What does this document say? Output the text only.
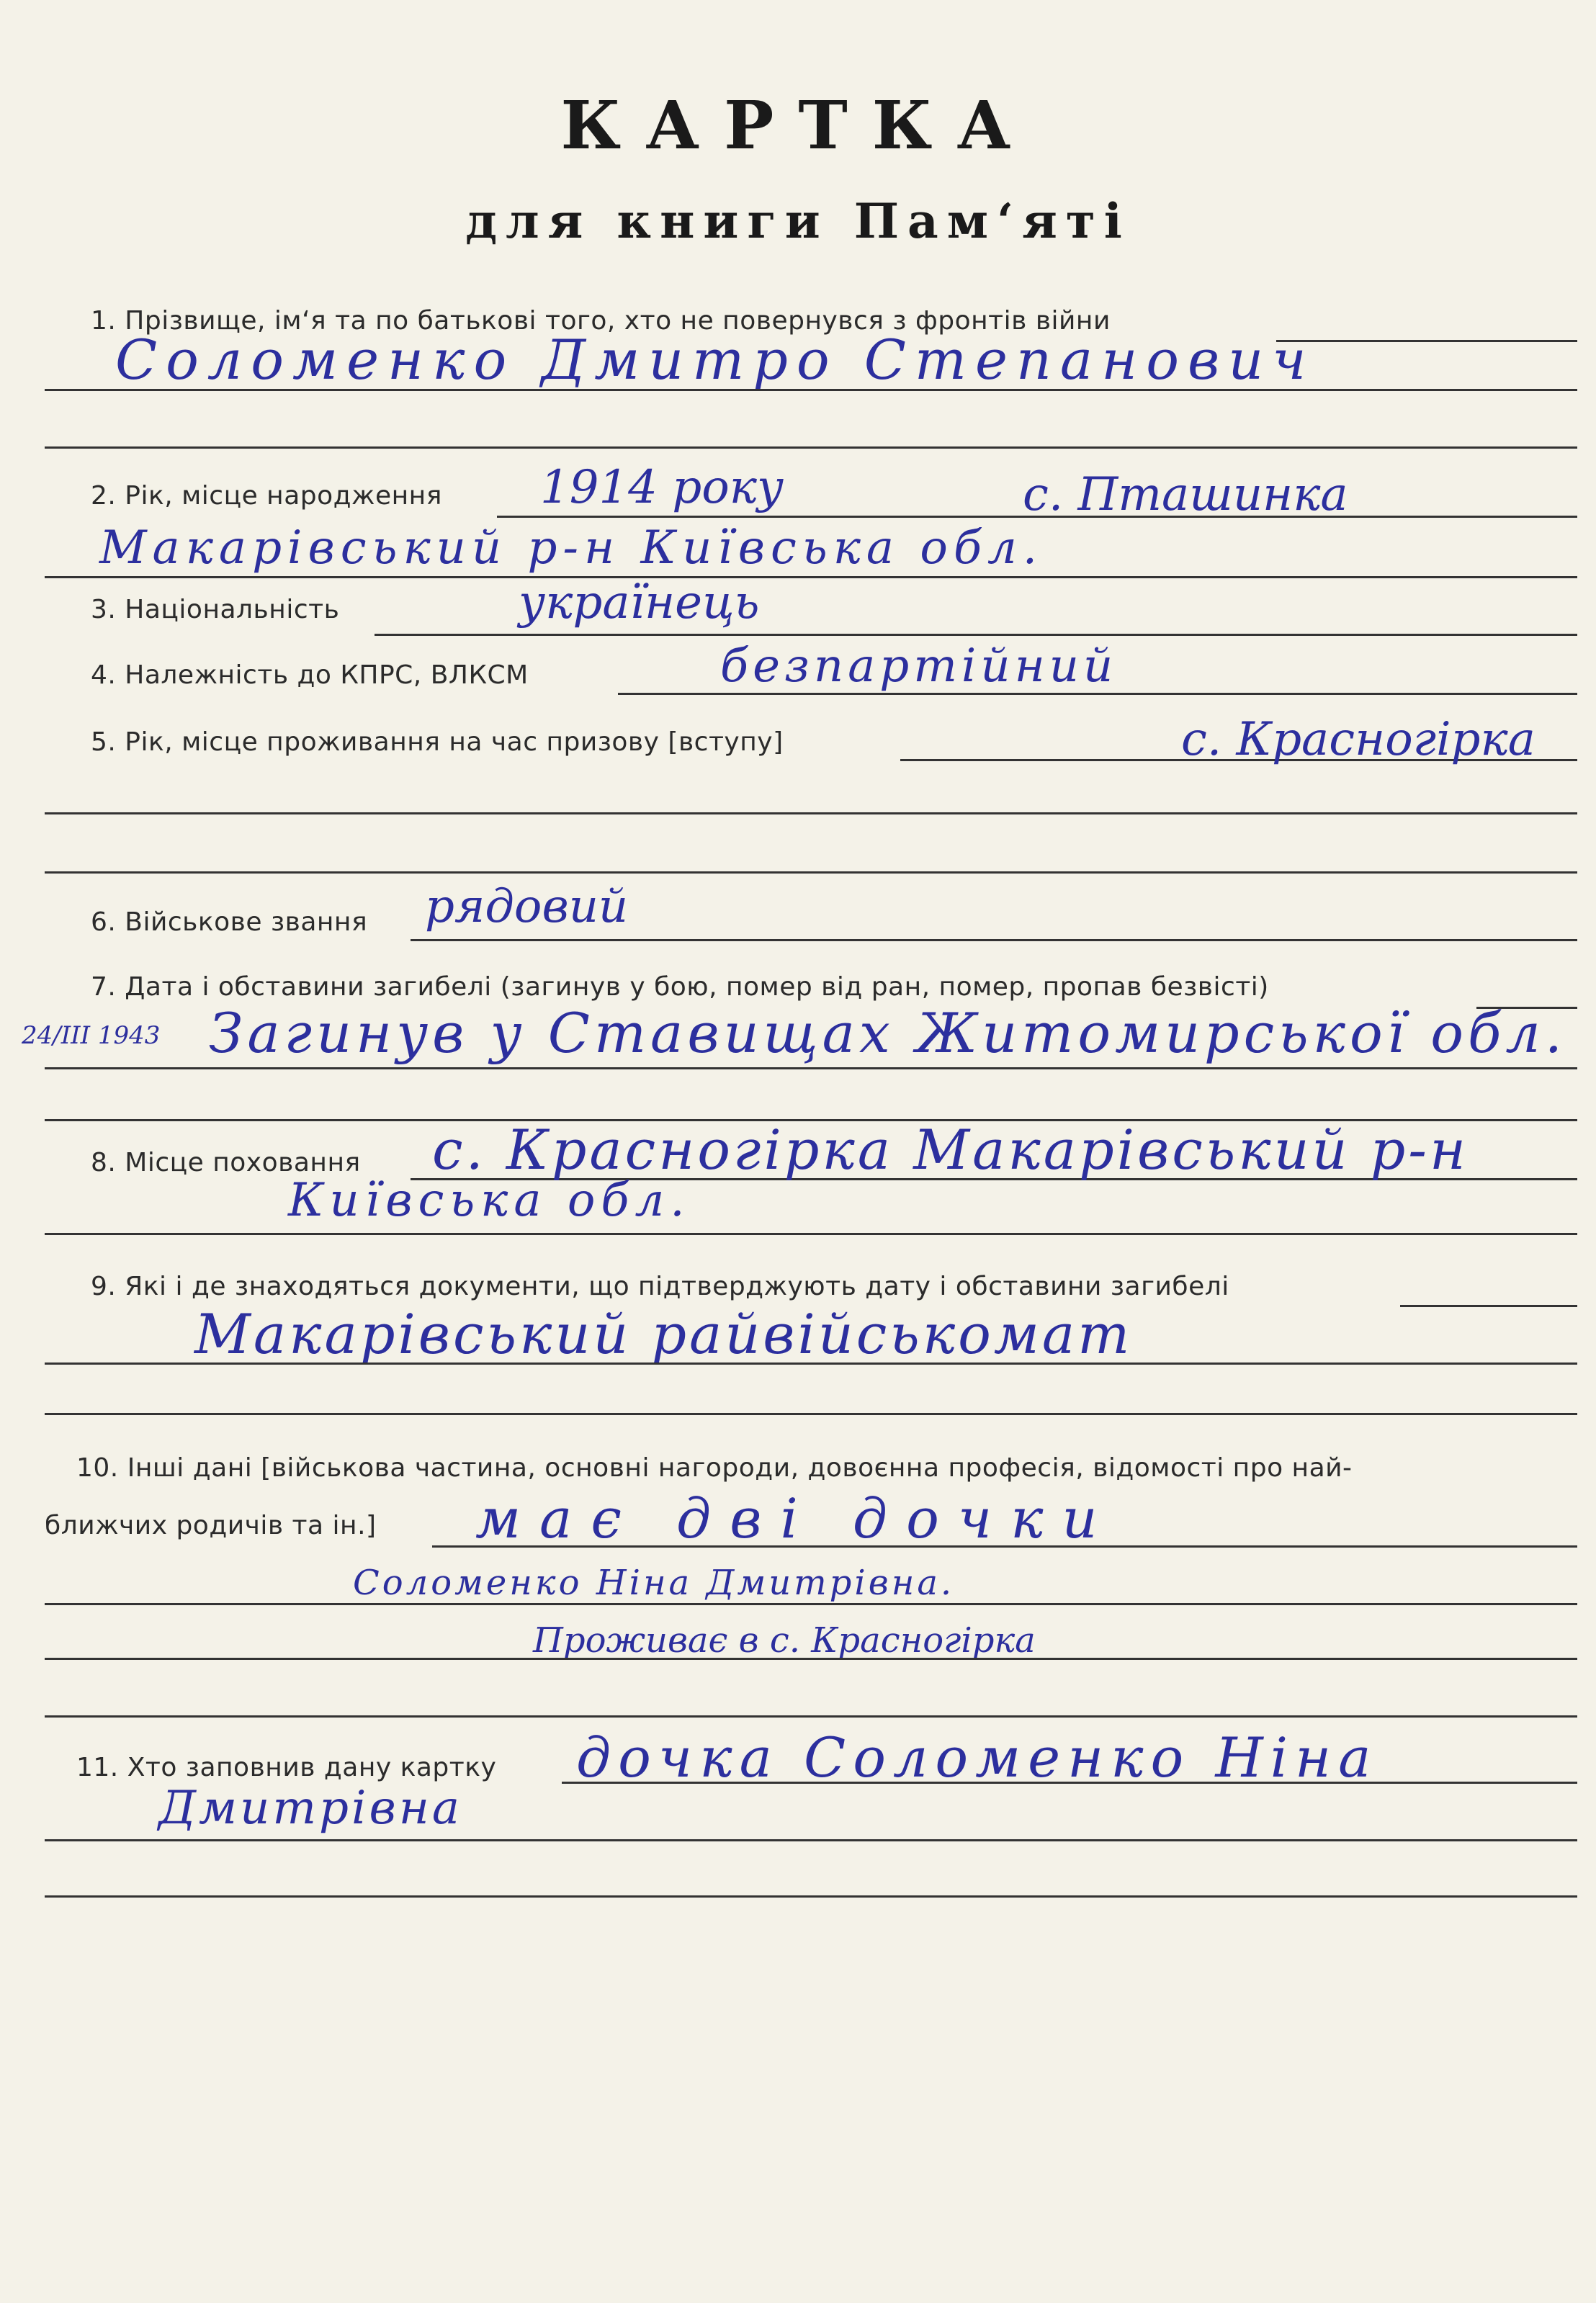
КАРТКА
для книги Пам‘яті
1. Прізвище, ім‘я та по батькові того, хто не повернувся з фронтів війни
Соломенко Дмитро Степанович
2. Рік, місце народження 1914 року	с. Пташинка
Макарівський р-н Київська обл.
3. Національність	українець
4. Належність до КПРС, ВЛКСМ	безпартійний
5. Рік, місце проживання на час призову [вступу]	с. Красногірка
6. Військове звання рядовий
7. Дата і обставини загибелі (загинув у бою, помер від ран, помер, пропав безвісті)
24/III 1943 Загинув у Ставищах Житомирської обл.
8. Місце поховання с. Красногірка Макарівський р-н
Київська обл.
9. Які і де знаходяться документи, що підтверджують дату і обставини загибелі
Макарівський райвійськомат
10. Інші дані [військова частина, основні нагороди, довоєнна професія, відомості про най-
ближчих родичів та ін.] має дві дочки
Соломенко Ніна Дмитрівна.
Проживає в с. Красногірка
11. Хто заповнив дану картку дочка Соломенко Ніна
Дмитрівна
